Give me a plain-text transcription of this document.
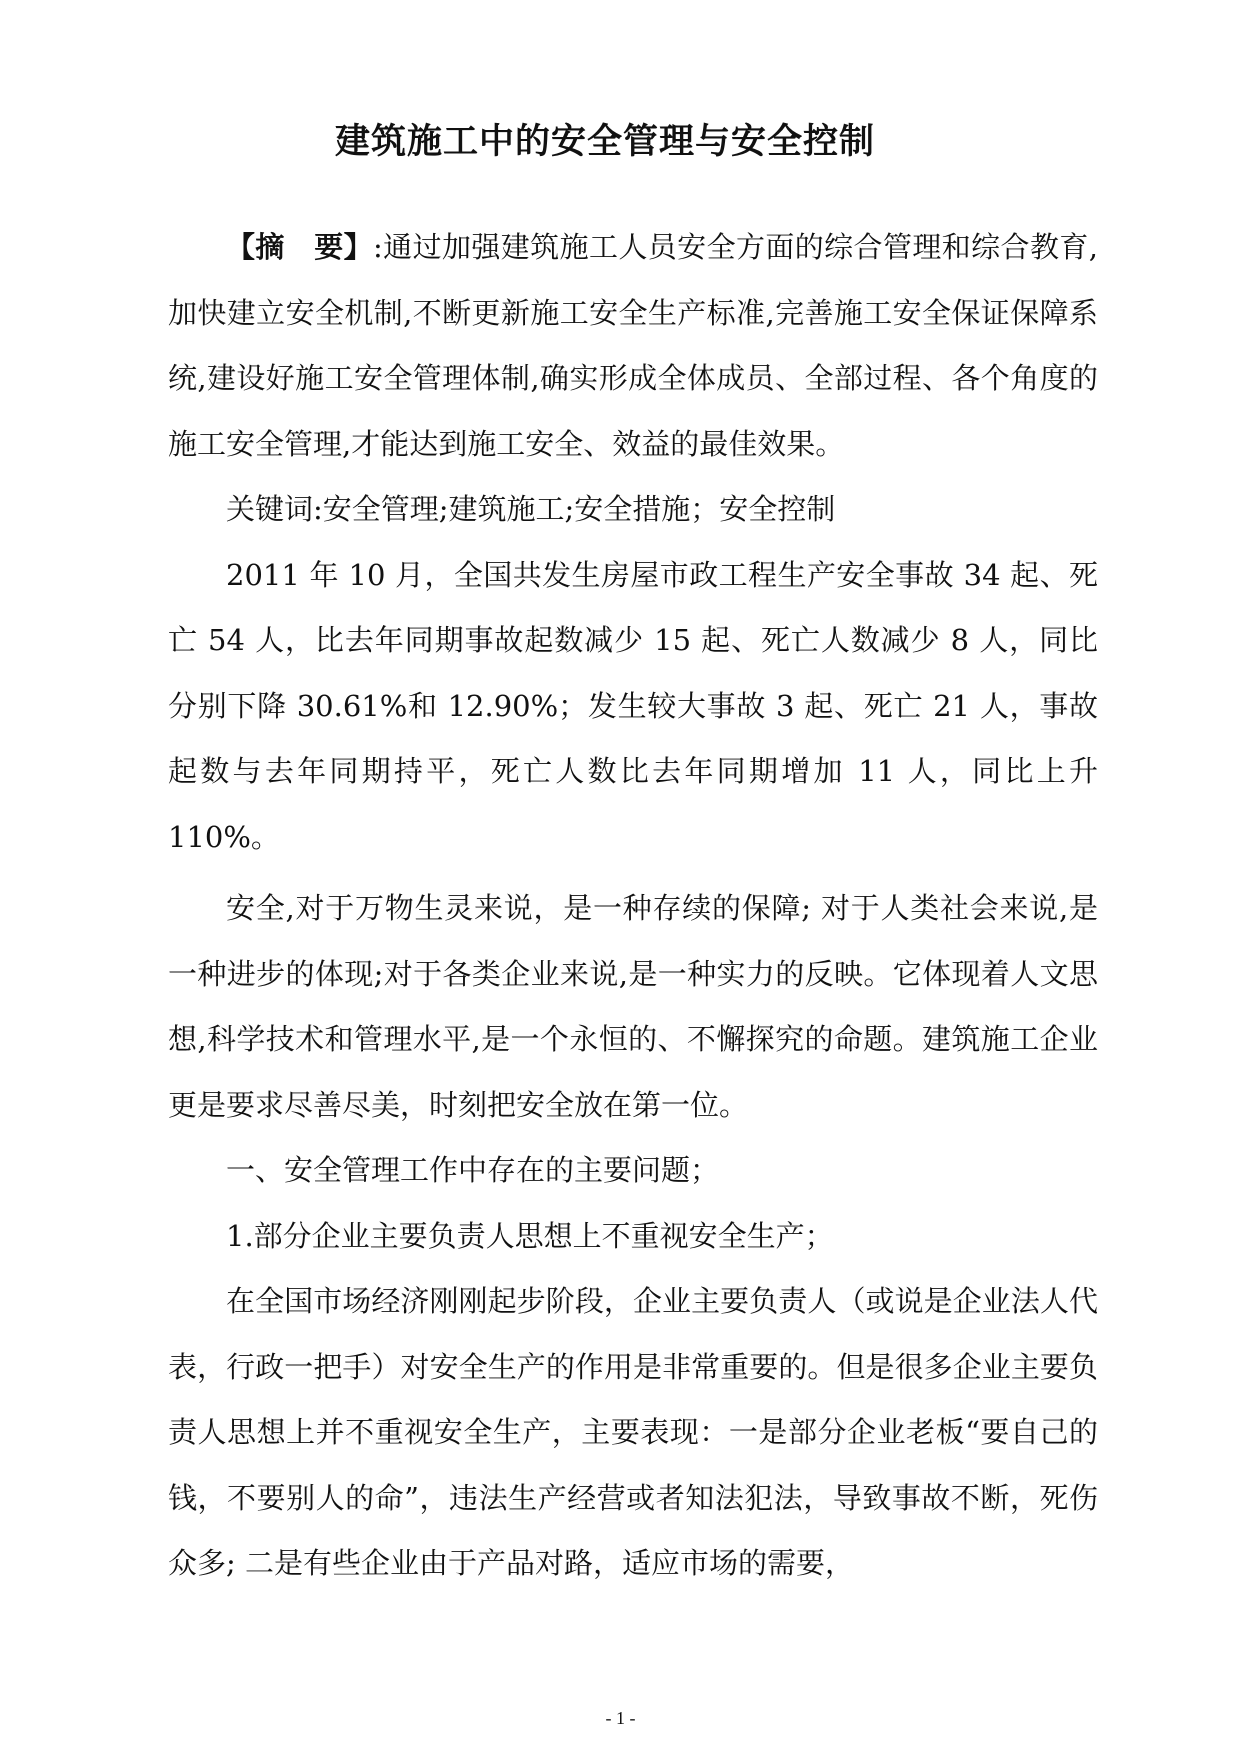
建筑施工中的安全管理与安全控制

【摘　要】:通过加强建筑施工人员安全方面的综合管理和综合教育,加快建立安全机制,不断更新施工安全生产标准,完善施工安全保证保障系统,建设好施工安全管理体制,确实形成全体成员、全部过程、各个角度的施工安全管理,才能达到施工安全、效益的最佳效果。

关键词:安全管理;建筑施工;安全措施；安全控制

2011 年 10 月，全国共发生房屋市政工程生产安全事故 34 起、死亡 54 人，比去年同期事故起数减少 15 起、死亡人数减少 8 人，同比分别下降 30.61%和 12.90%；发生较大事故 3 起、死亡 21 人，事故起数与去年同期持平，死亡人数比去年同期增加 11 人，同比上升110%。

安全,对于万物生灵来说，是一种存续的保障; 对于人类社会来说,是一种进步的体现;对于各类企业来说,是一种实力的反映。它体现着人文思想,科学技术和管理水平,是一个永恒的、不懈探究的命题。建筑施工企业更是要求尽善尽美，时刻把安全放在第一位。

一、安全管理工作中存在的主要问题；

1.部分企业主要负责人思想上不重视安全生产；

在全国市场经济刚刚起步阶段，企业主要负责人（或说是企业法人代表，行政一把手）对安全生产的作用是非常重要的。但是很多企业主要负责人思想上并不重视安全生产，主要表现：一是部分企业老板“要自己的钱，不要别人的命”，违法生产经营或者知法犯法，导致事故不断，死伤众多; 二是有些企业由于产品对路，适应市场的需要，

- 1 -
